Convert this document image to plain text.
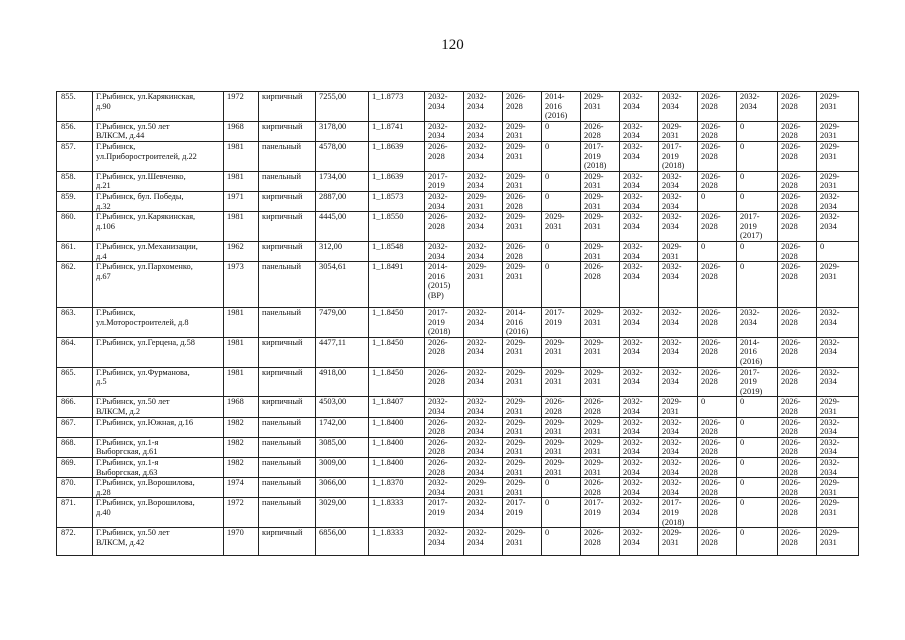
120
855.	Г.Рыбинск, ул.Карякинская,
д.90	1972	кирпичный	7255,00	1_1.8773	2032-
2034	2032-
2034	2026-
2028	2014-
2016
(2016)	2029-
2031	2032-
2034	2032-
2034	2026-
2028	2032-
2034	2026-
2028	2029-
2031
856.	Г.Рыбинск, ул.50 лет
ВЛКСМ, д.44	1968	кирпичный	3178,00	1_1.8741	2032-
2034	2032-
2034	2029-
2031	0	2026-
2028	2032-
2034	2029-
2031	2026-
2028	0	2026-
2028	2029-
2031
857.	Г.Рыбинск,
ул.Приборостроителей, д.22	1981	панельный	4578,00	1_1.8639	2026-
2028	2032-
2034	2029-
2031	0	2017-
2019
(2018)	2032-
2034	2017-
2019
(2018)	2026-
2028	0	2026-
2028	2029-
2031
858.	Г.Рыбинск, ул.Шевченко,
д.21	1981	панельный	1734,00	1_1.8639	2017-
2019	2032-
2034	2029-
2031	0	2029-
2031	2032-
2034	2032-
2034	2026-
2028	0	2026-
2028	2029-
2031
859.	Г.Рыбинск, бул. Победы,
д.32	1971	кирпичный	2887,00	1_1.8573	2032-
2034	2029-
2031	2026-
2028	0	2029-
2031	2032-
2034	2032-
2034	0	0	2026-
2028	2032-
2034
860.	Г.Рыбинск, ул.Карякинская,
д.106	1981	кирпичный	4445,00	1_1.8550	2026-
2028	2032-
2034	2029-
2031	2029-
2031	2029-
2031	2032-
2034	2032-
2034	2026-
2028	2017-
2019
(2017)	2026-
2028	2032-
2034
861.	Г.Рыбинск, ул.Механизации,
д.4	1962	кирпичный	312,00	1_1.8548	2032-
2034	2032-
2034	2026-
2028	0	2029-
2031	2032-
2034	2029-
2031	0	0	2026-
2028	0
862.	Г.Рыбинск, ул.Пархоменко,
д.67	1973	панельный	3054,61	1_1.8491	2014-
2016
(2015)
(ВР)	2029-
2031	2029-
2031	0	2026-
2028	2032-
2034	2032-
2034	2026-
2028	0	2026-
2028	2029-
2031
863.	Г.Рыбинск,
ул.Моторостроителей, д.8	1981	панельный	7479,00	1_1.8450	2017-
2019
(2018)	2032-
2034	2014-
2016
(2016)	2017-
2019	2029-
2031	2032-
2034	2032-
2034	2026-
2028	2032-
2034	2026-
2028	2032-
2034
864.	Г.Рыбинск, ул.Герцена, д.58	1981	кирпичный	4477,11	1_1.8450	2026-
2028	2032-
2034	2029-
2031	2029-
2031	2029-
2031	2032-
2034	2032-
2034	2026-
2028	2014-
2016
(2016)	2026-
2028	2032-
2034
865.	Г.Рыбинск, ул.Фурманова,
д.5	1981	кирпичный	4918,00	1_1.8450	2026-
2028	2032-
2034	2029-
2031	2029-
2031	2029-
2031	2032-
2034	2032-
2034	2026-
2028	2017-
2019
(2019)	2026-
2028	2032-
2034
866.	Г.Рыбинск, ул.50 лет
ВЛКСМ, д.2	1968	кирпичный	4503,00	1_1.8407	2032-
2034	2032-
2034	2029-
2031	2026-
2028	2026-
2028	2032-
2034	2029-
2031	0	0	2026-
2028	2029-
2031
867.	Г.Рыбинск, ул.Южная, д.16	1982	панельный	1742,00	1_1.8400	2026-
2028	2032-
2034	2029-
2031	2029-
2031	2029-
2031	2032-
2034	2032-
2034	2026-
2028	0	2026-
2028	2032-
2034
868.	Г.Рыбинск, ул.1-я
Выборгская, д.61	1982	панельный	3085,00	1_1.8400	2026-
2028	2032-
2034	2029-
2031	2029-
2031	2029-
2031	2032-
2034	2032-
2034	2026-
2028	0	2026-
2028	2032-
2034
869.	Г.Рыбинск, ул.1-я
Выборгская, д.63	1982	панельный	3009,00	1_1.8400	2026-
2028	2032-
2034	2029-
2031	2029-
2031	2029-
2031	2032-
2034	2032-
2034	2026-
2028	0	2026-
2028	2032-
2034
870.	Г.Рыбинск, ул.Ворошилова,
д.28	1974	панельный	3066,00	1_1.8370	2032-
2034	2029-
2031	2029-
2031	0	2026-
2028	2032-
2034	2032-
2034	2026-
2028	0	2026-
2028	2029-
2031
871.	Г.Рыбинск, ул.Ворошилова,
д.40	1972	панельный	3029,00	1_1.8333	2017-
2019	2032-
2034	2017-
2019	0	2017-
2019	2032-
2034	2017-
2019
(2018)	2026-
2028	0	2026-
2028	2029-
2031
872.	Г.Рыбинск, ул.50 лет
ВЛКСМ, д.42	1970	кирпичный	6856,00	1_1.8333	2032-
2034	2032-
2034	2029-
2031	0	2026-
2028	2032-
2034	2029-
2031	2026-
2028	0	2026-
2028	2029-
2031
